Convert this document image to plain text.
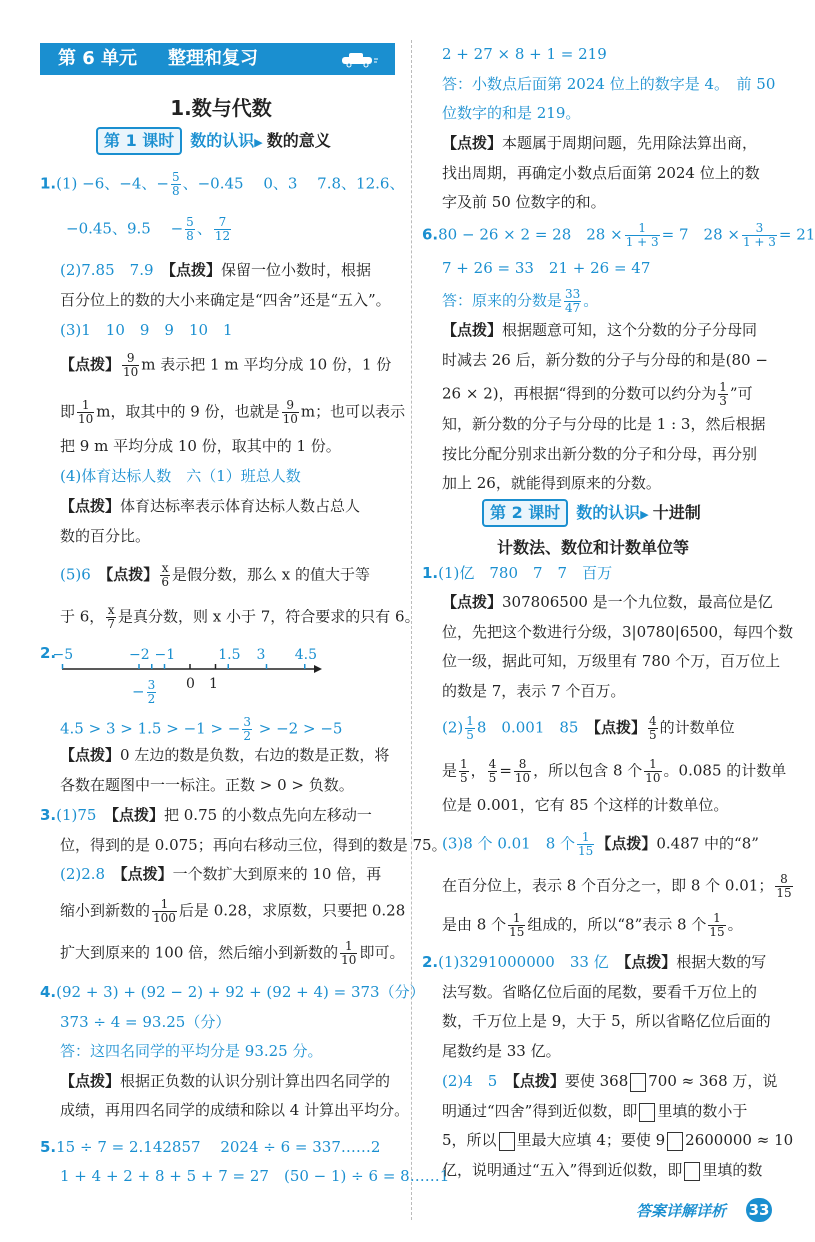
第 6 单元 整理和复习
1.数与代数
第 1 课时 数的认识▶ 数的意义
1.(1) −6、−4、− $\frac{5}{8}$ 、−0.45　 0、3　 7.8、12.6、
−0.45、9.5　 − $\frac{5}{8}$ 、 $\frac{7}{12}$
(2)7.85　7.9　【点拨】保留一位小数时，根据
百分位上的数的大小来确定是“四舍”还是“五入”。
(3)1　10　9　9　10　1
【点拨】 $\frac{9}{10}$ m 表示把 1 m 平均分成 10 份，1 份
即 $\frac{1}{10}$ m，取其中的 9 份，也就是 $\frac{9}{10}$ m；也可以表示
把 9 m 平均分成 10 份，取其中的 1 份。
(4)体育达标人数　六（1）班总人数
【点拨】体育达标率表示体育达标人数占总人
数的百分比。
(5)6　【点拨】 $\frac{x}{6}$ 是假分数，那么 x 的值大于等
于 6， $\frac{x}{7}$ 是真分数，则 x 小于 7，符合要求的只有 6。
2.
−5	−2 −1	1.5 3 4.5
0 1
− $\frac{3}{2}$
4.5 > 3 > 1.5 > −1 > − $\frac{3}{2} > -2 > -5$
【点拨】0 左边的数是负数，右边的数是正数，将
各数在题图中一一标注。正数 > 0 > 负数。
3.(1)75　【点拨】把 0.75 的小数点先向左移动一
位，得到的是 0.075；再向右移动三位，得到的数是 75。
(2)2.8　【点拨】一个数扩大到原来的 10 倍，再
缩小到新数的 $\frac{1}{100}$ 后是 0.28，求原数，只要把 0.28
扩大到原来的 100 倍，然后缩小到新数的 $\frac{1}{10}$ 即可。
4.(92 + 3) + (92 − 2) + 92 + (92 + 4) = 373（分）
373 ÷ 4 = 93.25（分）
答：这四名同学的平均分是 93.25 分。
【点拨】根据正负数的认识分别计算出四名同学的
成绩，再用四名同学的成绩和除以 4 计算出平均分。
5.15 ÷ 7 = 2.142857　 2024 ÷ 6 = 337……2
1 + 4 + 2 + 8 + 5 + 7 = 27　(50 − 1) ÷ 6 = 8……1
2 + 27 × 8 + 1 = 219
答：小数点后面第 2024 位上的数字是 4。　前 50
位数字的和是 219。
【点拨】本题属于周期问题，先用除法算出商，
找出周期，再确定小数点后面第 2024 位上的数
字及前 50 位数字的和。
6.80 − 26 × 2 = 28　$28 \times \frac{1}{1 + 3} = 7$　$28 \times \frac{3}{1 + 3} = 21$
7 + 26 = 33　21 + 26 = 47
答：原来的分数是 $\frac{33}{47}$ 。
【点拨】根据题意可知，这个分数的分子分母同
时减去 26 后，新分数的分子与分母的和是(80 −
26 × 2)，再根据“得到的分数可以约分为 $\frac{1}{3}$ ”可
知，新分数的分子与分母的比是 1 : 3，然后根据
按比分配分别求出新分数的分子和分母，再分别
加上 26，就能得到原来的分数。
第 2 课时 数的认识▶ 十进制
计数法、数位和计数单位等
1.(1)亿　780　7　7　百万
【点拨】307806500 是一个九位数，最高位是亿
位，先把这个数进行分级，3|0780|6500，每四个数
位一级，据此可知，万级里有 780 个万，百万位上
的数是 7，表示 7 个百万。
$(2) \frac{1}{5} 8$　0.001　85　【点拨】 $\frac{4}{5}$ 的计数单位
是 $\frac{1}{5}$ ， $\frac{4}{5} = \frac{8}{10}$ ，所以包含 8 个 $\frac{1}{10}$ 。0.085 的计数单
位是 0.001，它有 85 个这样的计数单位。
(3)8 个 0.01　8 个 $\frac{1}{15}$ 【点拨】0.487 中的“8”
在百分位上，表示 8 个百分之一，即 8 个 0.01； $\frac{8}{15}$
是由 8 个 $\frac{1}{15}$ 组成的，所以“8”表示 8 个 $\frac{1}{15}$ 。
2.(1)3291000000　33 亿　【点拨】根据大数的写
法写数。省略亿位后面的尾数，要看千万位上的
数，千万位上是 9，大于 5，所以省略亿位后面的
尾数约是 33 亿。
(2)4　5　【点拨】要使 368 700 ≈ 368 万，说
明通过“四舍”得到近似数，即 里填的数小于
5，所以 里最大应填 4；要使 9 2600000 ≈ 10
亿，说明通过“五入”得到近似数，即 里填的数
答案详解详析 33
